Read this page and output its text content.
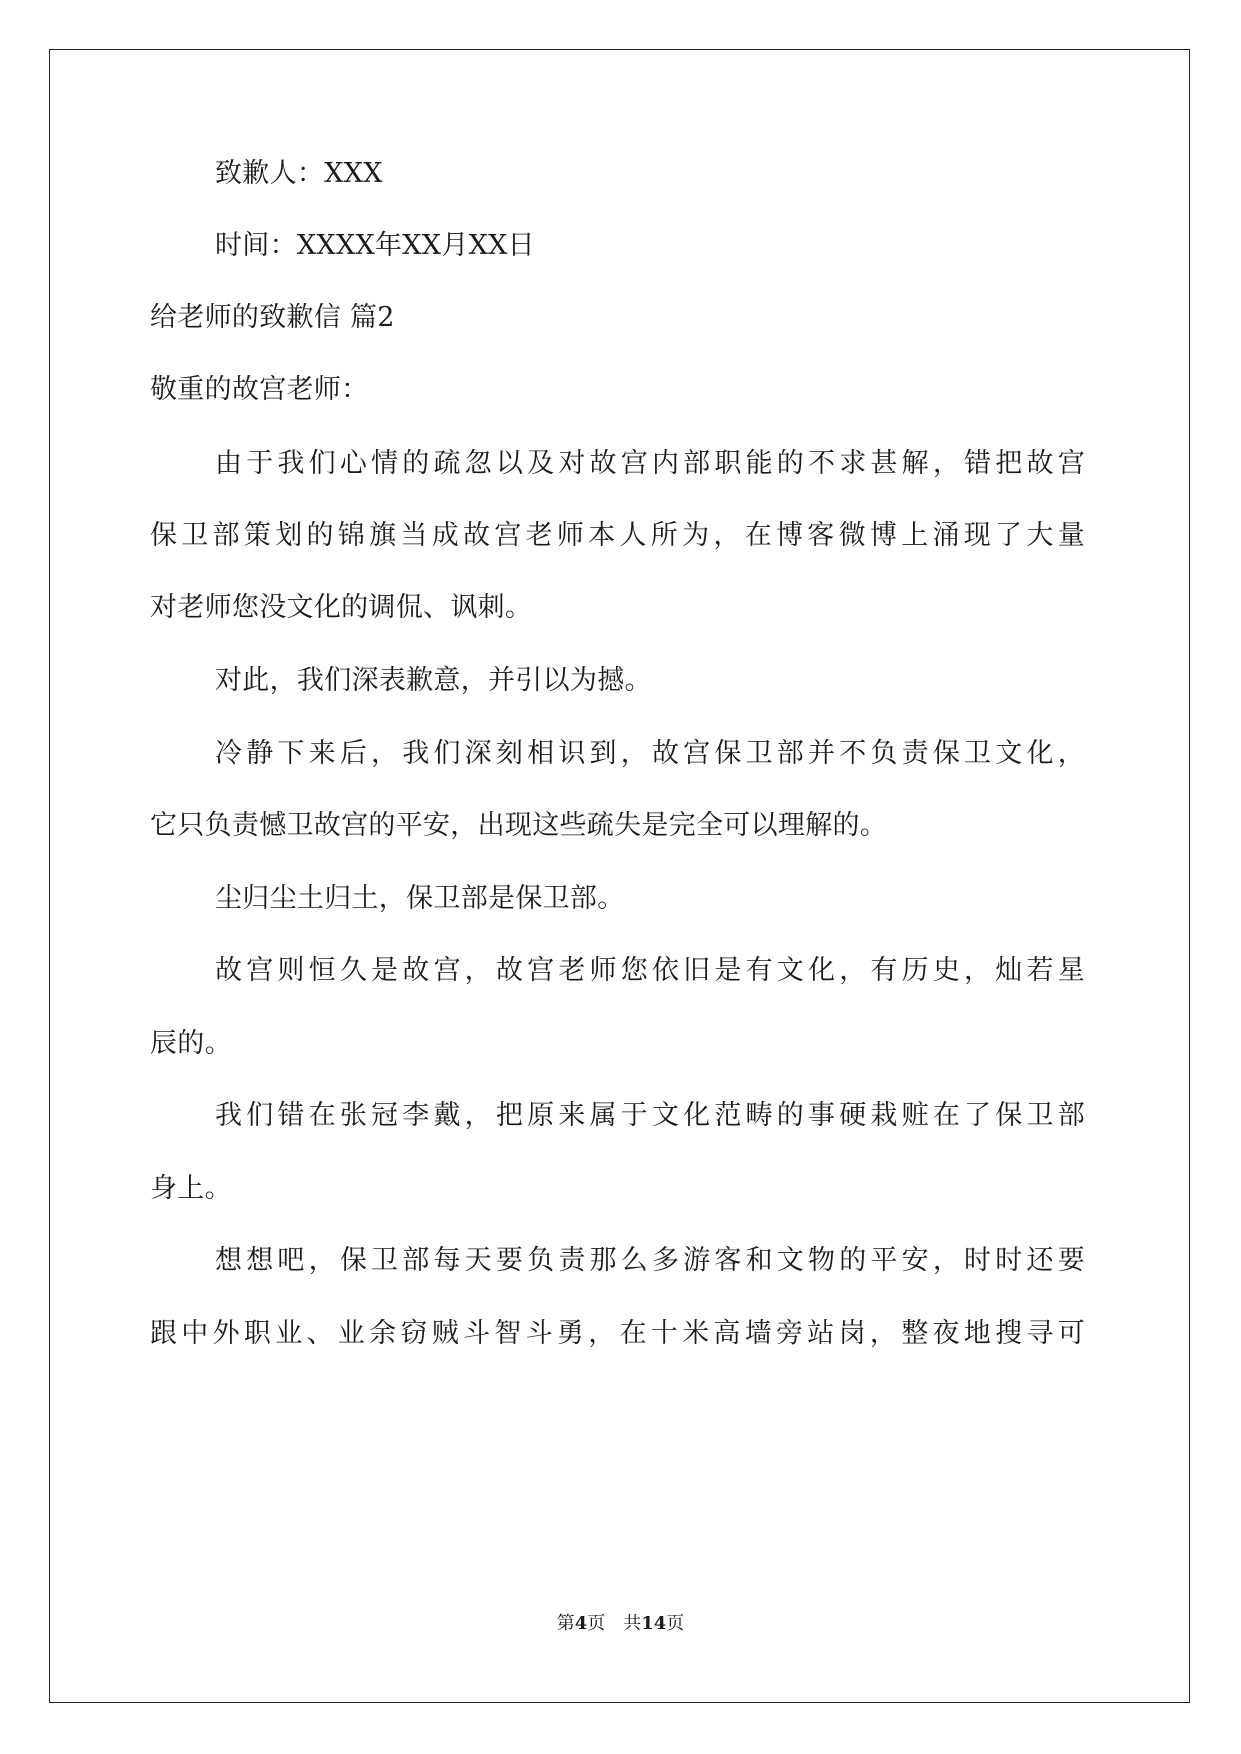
致歉人：XXX
时间：XXXX年XX月XX日
给老师的致歉信 篇2
敬重的故宫老师：
由于我们心情的疏忽以及对故宫内部职能的不求甚解，错把故宫
保卫部策划的锦旗当成故宫老师本人所为，在博客微博上涌现了大量
对老师您没文化的调侃、讽刺。
对此，我们深表歉意，并引以为撼。
冷静下来后，我们深刻相识到，故宫保卫部并不负责保卫文化，
它只负责憾卫故宫的平安，出现这些疏失是完全可以理解的。
尘归尘土归土，保卫部是保卫部。
故宫则恒久是故宫，故宫老师您依旧是有文化，有历史，灿若星
辰的。
我们错在张冠李戴，把原来属于文化范畴的事硬栽赃在了保卫部
身上。
想想吧，保卫部每天要负责那么多游客和文物的平安，时时还要
跟中外职业、业余窃贼斗智斗勇，在十米高墙旁站岗，整夜地搜寻可
第4页　共14页
